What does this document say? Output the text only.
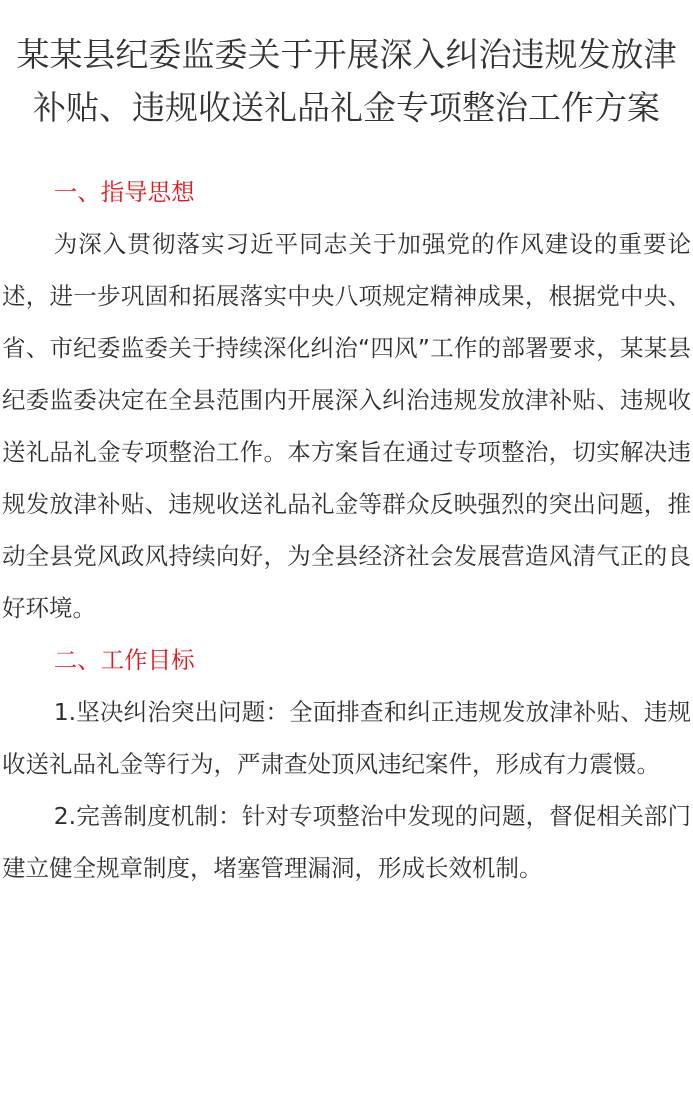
某某县纪委监委关于开展深入纠治违规发放津补贴、违规收送礼品礼金专项整治工作方案
一、指导思想

为深入贯彻落实习近平同志关于加强党的作风建设的重要论述，进一步巩固和拓展落实中央八项规定精神成果，根据党中央、省、市纪委监委关于持续深化纠治“四风”工作的部署要求，某某县纪委监委决定在全县范围内开展深入纠治违规发放津补贴、违规收送礼品礼金专项整治工作。本方案旨在通过专项整治，切实解决违规发放津补贴、违规收送礼品礼金等群众反映强烈的突出问题，推动全县党风政风持续向好，为全县经济社会发展营造风清气正的良好环境。

二、工作目标

1.坚决纠治突出问题：全面排查和纠正违规发放津补贴、违规收送礼品礼金等行为，严肃查处顶风违纪案件，形成有力震慑。

2.完善制度机制：针对专项整治中发现的问题，督促相关部门建立健全规章制度，堵塞管理漏洞，形成长效机制。
